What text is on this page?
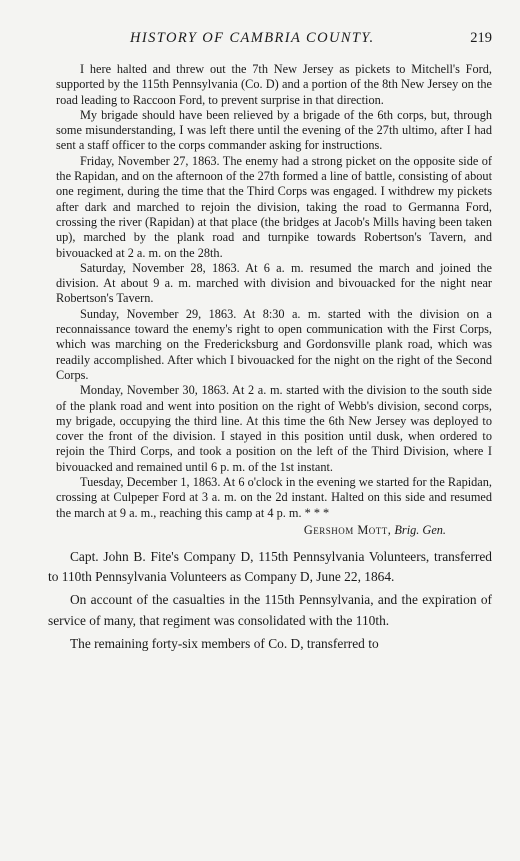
HISTORY OF CAMBRIA COUNTY.	219

I here halted and threw out the 7th New Jersey as pickets to Mitchell's Ford, supported by the 115th Pennsylvania (Co. D) and a portion of the 8th New Jersey on the road leading to Raccoon Ford, to prevent surprise in that direction.

My brigade should have been relieved by a brigade of the 6th corps, but, through some misunderstanding, I was left there until the evening of the 27th ultimo, after I had sent a staff officer to the corps commander asking for instructions.

Friday, November 27, 1863. The enemy had a strong picket on the opposite side of the Rapidan, and on the afternoon of the 27th formed a line of battle, consisting of about one regiment, during the time that the Third Corps was engaged. I withdrew my pickets after dark and marched to rejoin the division, taking the road to Germanna Ford, crossing the river (Rapidan) at that place (the bridges at Jacob's Mills having been taken up), marched by the plank road and turnpike towards Robertson's Tavern, and bivouacked at 2 a. m. on the 28th.

Saturday, November 28, 1863. At 6 a. m. resumed the march and joined the division. At about 9 a. m. marched with division and bivouacked for the night near Robertson's Tavern.

Sunday, November 29, 1863. At 8:30 a. m. started with the division on a reconnaissance toward the enemy's right to open communication with the First Corps, which was marching on the Fredericksburg and Gordonsville plank road, which was readily accomplished. After which I bivouacked for the night on the right of the Second Corps.

Monday, November 30, 1863. At 2 a. m. started with the division to the south side of the plank road and went into position on the right of Webb's division, second corps, my brigade, occupying the third line. At this time the 6th New Jersey was deployed to cover the front of the division. I stayed in this position until dusk, when ordered to rejoin the Third Corps, and took a position on the left of the Third Division, where I bivouacked and remained until 6 p. m. of the 1st instant.

Tuesday, December 1, 1863. At 6 o'clock in the evening we started for the Rapidan, crossing at Culpeper Ford at 3 a. m. on the 2d instant. Halted on this side and resumed the march at 9 a. m., reaching this camp at 4 p. m. * * *

Gershom Mott, Brig. Gen.

Capt. John B. Fite's Company D, 115th Pennsylvania Volunteers, transferred to 110th Pennsylvania Volunteers as Company D, June 22, 1864.

On account of the casualties in the 115th Pennsylvania, and the expiration of service of many, that regiment was consolidated with the 110th.

The remaining forty-six members of Co. D, transferred to
